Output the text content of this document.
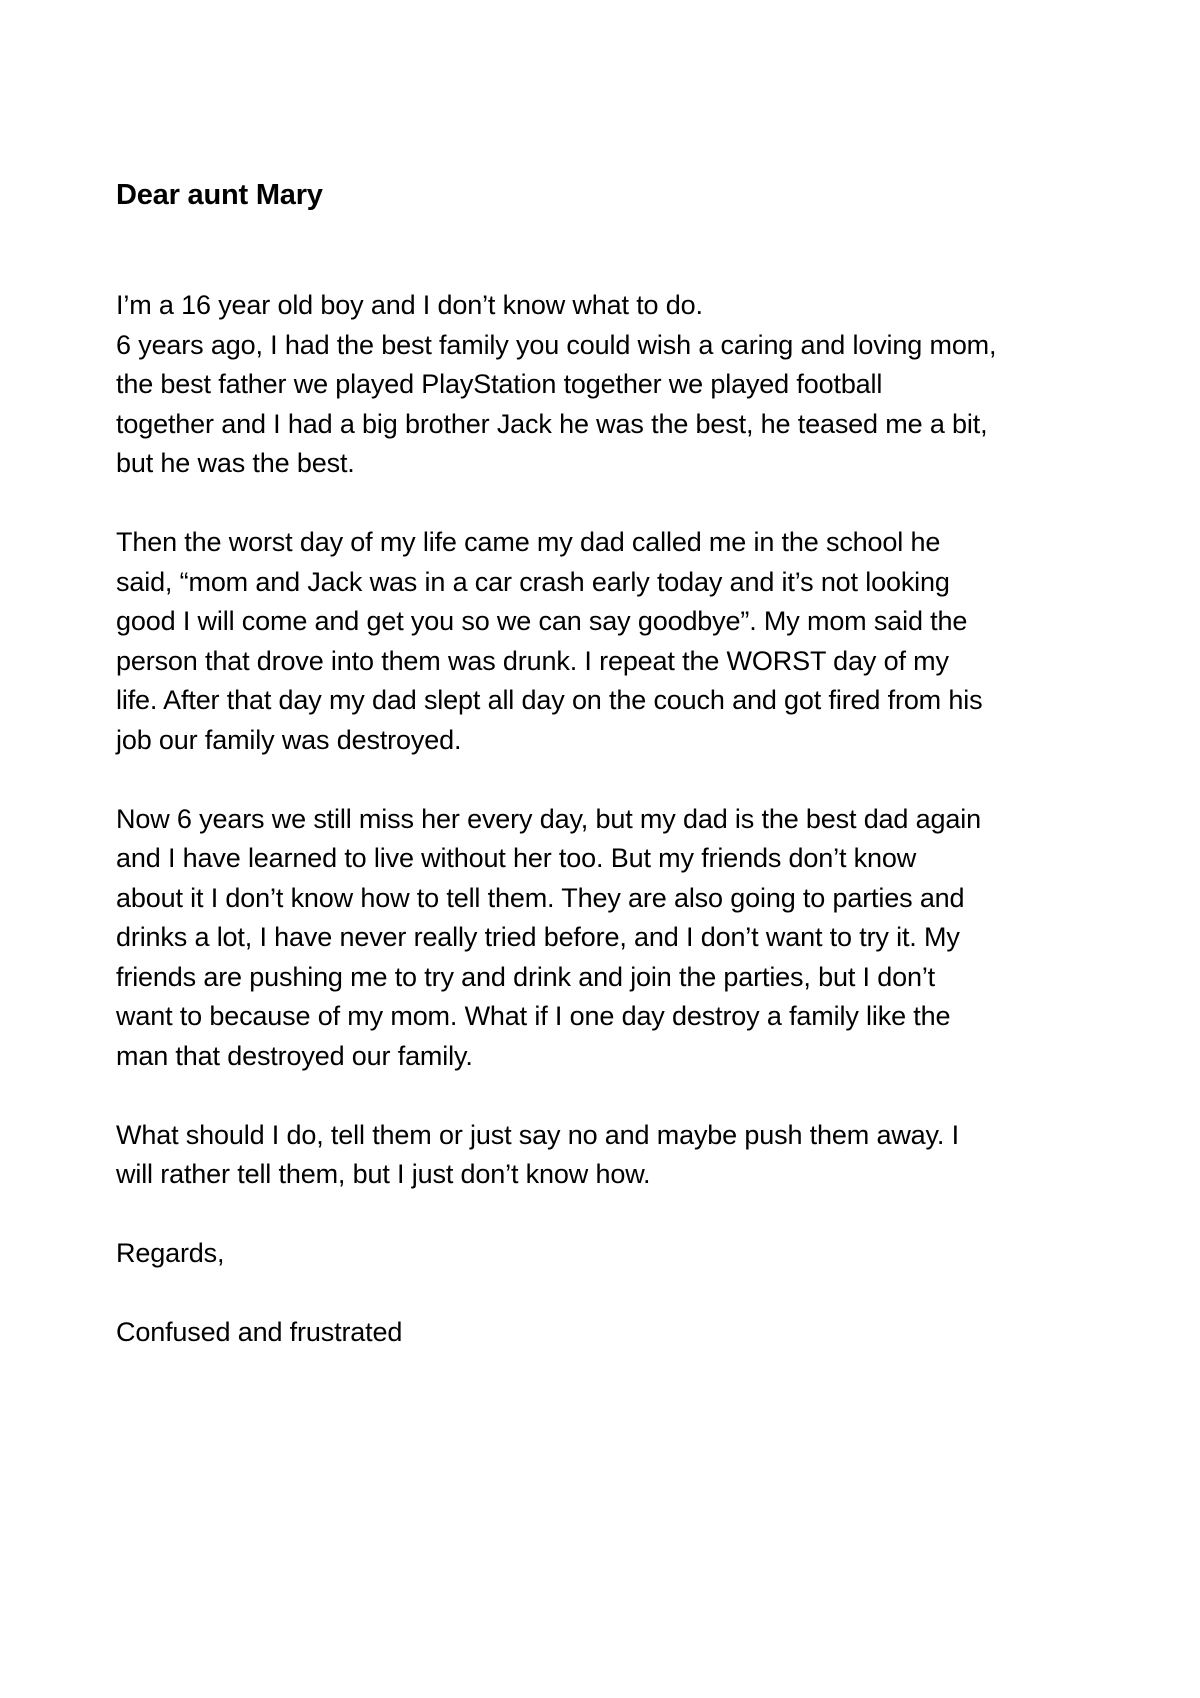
Dear aunt Mary

I’m a 16 year old boy and I don’t know what to do.
6 years ago, I had the best family you could wish a caring and loving mom,
the best father we played PlayStation together we played football
together and I had a big brother Jack he was the best, he teased me a bit,
but he was the best.

Then the worst day of my life came my dad called me in the school he
said, “mom and Jack was in a car crash early today and it’s not looking
good I will come and get you so we can say goodbye”. My mom said the
person that drove into them was drunk. I repeat the WORST day of my
life. After that day my dad slept all day on the couch and got fired from his
job our family was destroyed.

Now 6 years we still miss her every day, but my dad is the best dad again
and I have learned to live without her too. But my friends don’t know
about it I don’t know how to tell them. They are also going to parties and
drinks a lot, I have never really tried before, and I don’t want to try it. My
friends are pushing me to try and drink and join the parties, but I don’t
want to because of my mom. What if I one day destroy a family like the
man that destroyed our family.

What should I do, tell them or just say no and maybe push them away. I
will rather tell them, but I just don’t know how.

Regards,

Confused and frustrated
